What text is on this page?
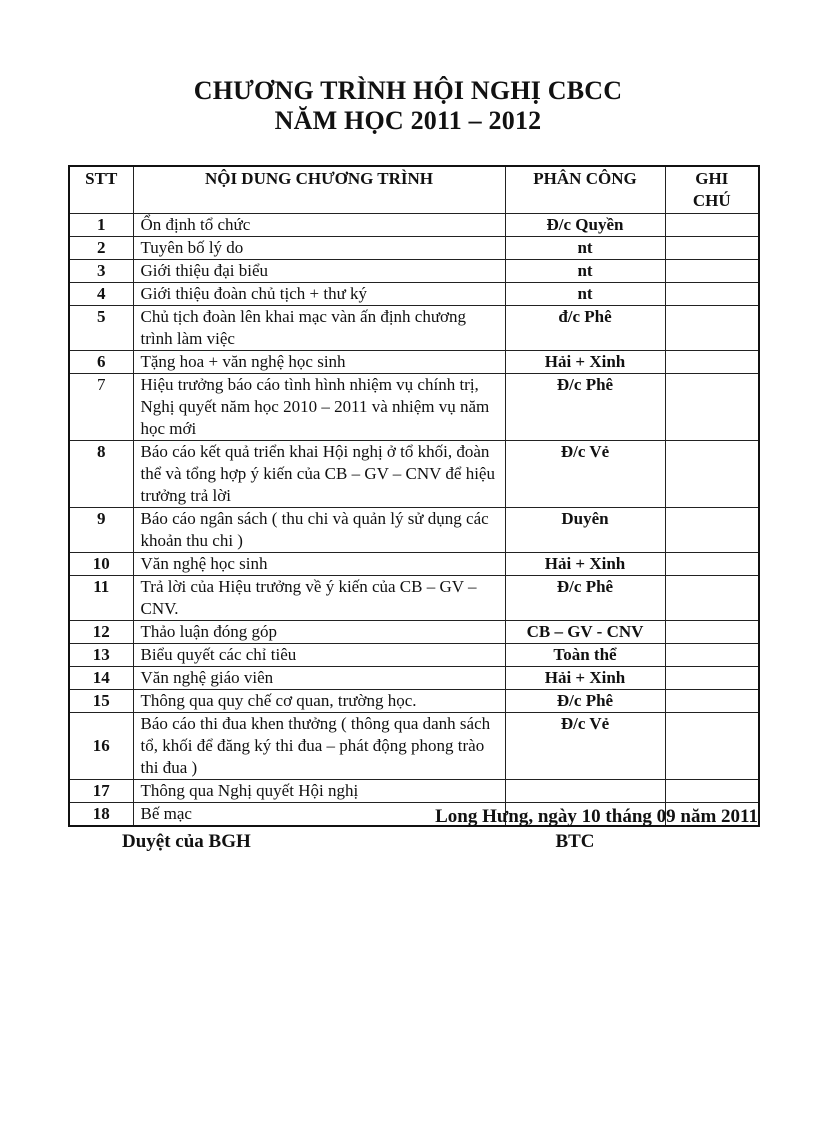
CHƯƠNG TRÌNH HỘI NGHỊ CBCC
NĂM HỌC 2011 – 2012
STT	NỘI DUNG CHƯƠNG TRÌNH	PHÂN CÔNG	GHI CHÚ
1	Ổn định tổ chức	Đ/c Quyền	
2	Tuyên bố lý do	nt	
3	Giới thiệu đại biểu	nt	
4	Giới thiệu đoàn chủ tịch + thư ký	nt	
5	Chủ tịch đoàn lên khai mạc vàn ấn định chương trình làm việc	đ/c Phê	
6	Tặng hoa + văn nghệ học sinh	Hải + Xinh	
7	Hiệu trưởng báo cáo tình hình nhiệm vụ chính trị, Nghị quyết năm học 2010 – 2011 và nhiệm vụ năm học mới	Đ/c Phê	
8	Báo cáo kết quả triển khai Hội nghị ở tổ khối, đoàn thể và tổng hợp ý kiến của CB – GV – CNV để hiệu trưởng trả lời	Đ/c Vẻ	
9	Báo cáo ngân sách ( thu chi và quản lý sử dụng các khoản thu chi )	Duyên	
10	Văn nghệ học sinh	Hải + Xinh	
11	Trả lời của Hiệu trưởng về ý kiến của CB – GV – CNV.	Đ/c Phê	
12	Thảo luận đóng góp	CB – GV - CNV	
13	Biểu quyết các chỉ tiêu	Toàn thể	
14	Văn nghệ giáo viên	Hải + Xinh	
15	Thông qua quy chế cơ quan, trường học.	Đ/c Phê	
16	Báo cáo thi đua khen thưởng ( thông qua danh sách tổ, khối để đăng ký thi đua – phát động phong trào thi đua )	Đ/c Vẻ	
17	Thông qua Nghị quyết Hội nghị		
18	Bế mạc			Long Hưng, ngày 10 tháng 09 năm 2011
Duyệt của BGH	BTC
